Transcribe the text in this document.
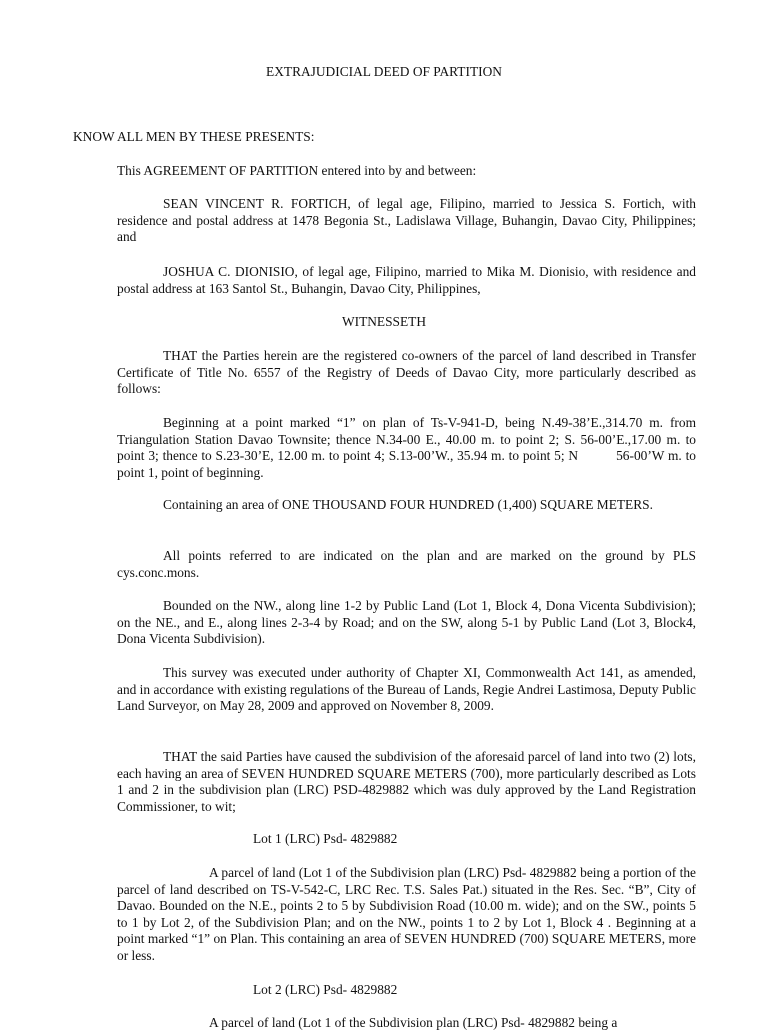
EXTRAJUDICIAL DEED OF PARTITION
KNOW ALL MEN BY THESE PRESENTS:
This AGREEMENT OF PARTITION entered into by and between:

SEAN VINCENT R. FORTICH, of legal age, Filipino, married to Jessica S. Fortich, with residence and postal address at 1478 Begonia St., Ladislawa Village, Buhangin, Davao City, Philippines; and

JOSHUA C. DIONISIO, of legal age, Filipino, married to Mika M. Dionisio, with residence and postal address at 163 Santol St., Buhangin, Davao City, Philippines,

WITNESSETH

THAT the Parties herein are the registered co-owners of the parcel of land described in Transfer Certificate of Title No. 6557 of the Registry of Deeds of Davao City, more particularly described as follows:

Beginning at a point marked “1” on plan of Ts-V-941-D, being N.49-38’E.,314.70 m. from Triangulation Station Davao Townsite; thence N.34-00 E., 40.00 m. to point 2; S. 56-00’E.,17.00 m. to point 3; thence to S.23-30’E, 12.00 m. to point 4; S.13-00’W., 35.94 m. to point 5; N	56-00’W m. to point 1, point of beginning.

Containing an area of ONE THOUSAND FOUR HUNDRED (1,400) SQUARE METERS.

All points referred to are indicated on the plan and are marked on the ground by PLS cys.conc.mons.

Bounded on the NW., along line 1-2 by Public Land (Lot 1, Block 4, Dona Vicenta Subdivision); on the NE., and E., along lines 2-3-4 by Road; and on the SW, along 5-1 by Public Land (Lot 3, Block4, Dona Vicenta Subdivision).

This survey was executed under authority of Chapter XI, Commonwealth Act 141, as amended, and in accordance with existing regulations of the Bureau of Lands, Regie Andrei Lastimosa, Deputy Public Land Surveyor, on May 28, 2009 and approved on November 8, 2009.

THAT the said Parties have caused the subdivision of the aforesaid parcel of land into two (2) lots, each having an area of SEVEN HUNDRED SQUARE METERS (700), more particularly described as Lots 1 and 2 in the subdivision plan (LRC) PSD-4829882 which was duly approved by the Land Registration Commissioner, to wit;

Lot 1 (LRC) Psd- 4829882

A parcel of land (Lot 1 of the Subdivision plan (LRC) Psd- 4829882 being a portion of the parcel of land described on TS-V-542-C, LRC Rec. T.S. Sales Pat.) situated in the Res. Sec. “B”, City of Davao. Bounded on the N.E., points 2 to 5 by Subdivision Road (10.00 m. wide); and on the SW., points 5 to 1 by Lot 2, of the Subdivision Plan; and on the NW., points 1 to 2 by Lot 1, Block 4 . Beginning at a point marked “1” on Plan. This containing an area of SEVEN HUNDRED (700) SQUARE METERS, more or less.

Lot 2 (LRC) Psd- 4829882

A parcel of land (Lot 1 of the Subdivision plan (LRC) Psd- 4829882 being a
